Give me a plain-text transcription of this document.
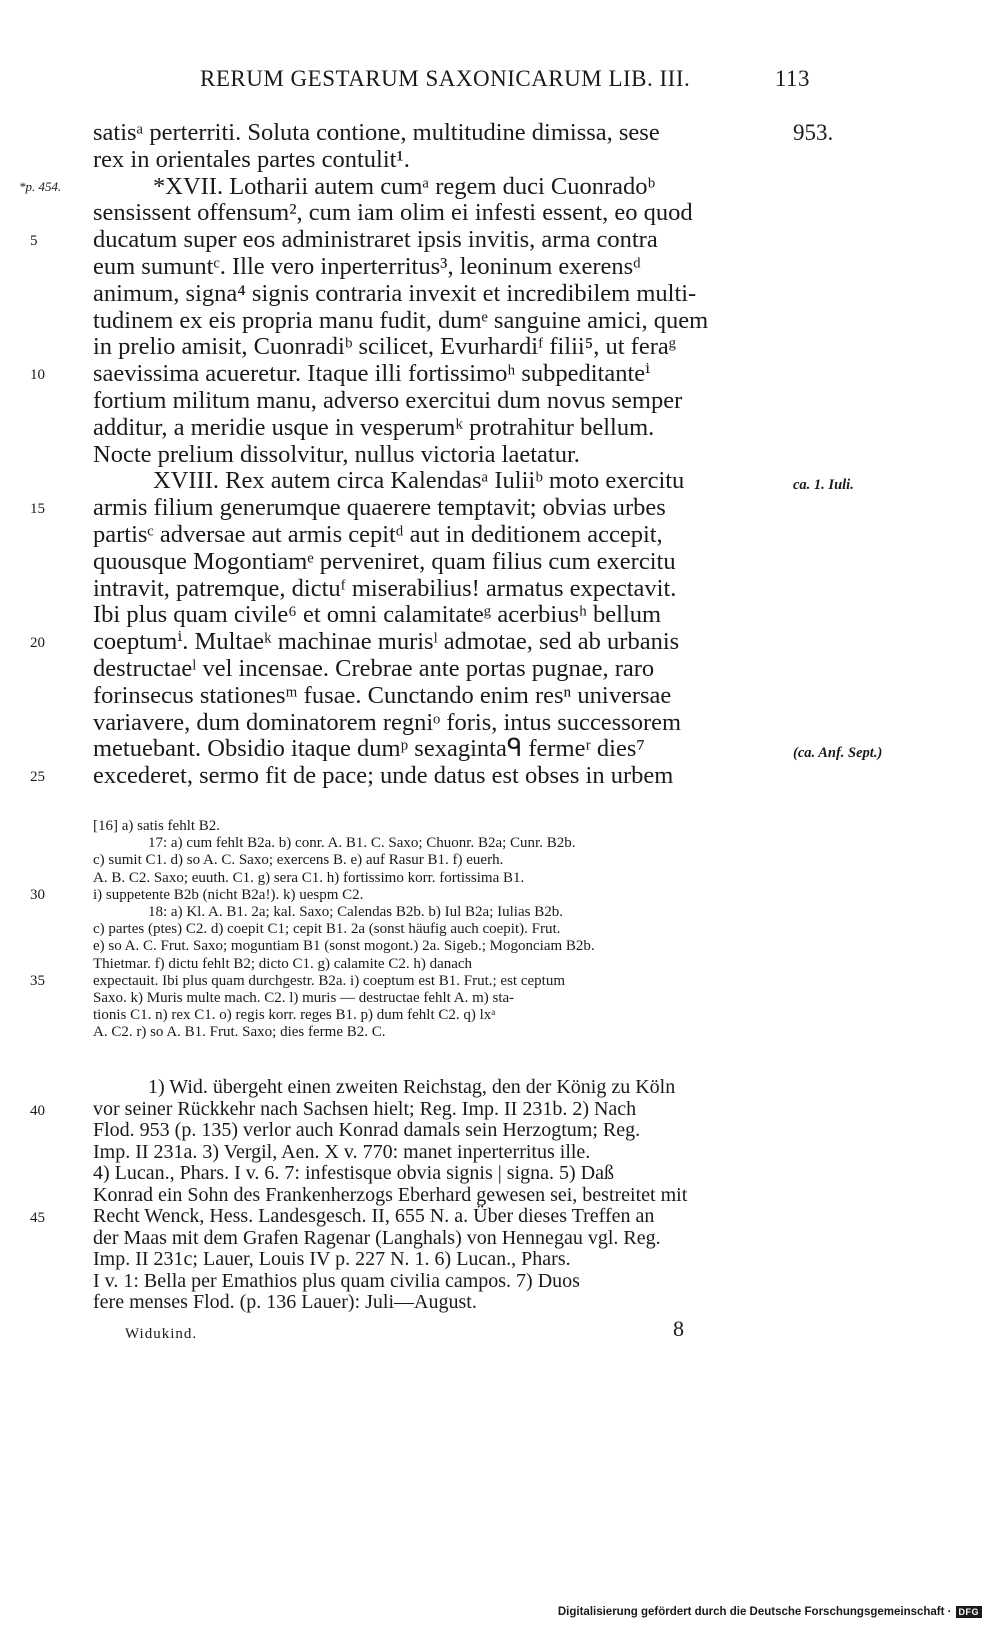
RERUM GESTARUM SAXONICARUM LIB. III.	113
satisᵃ perterriti. Soluta contione, multitudine dimissa, sese	953.
rex in orientales partes contulit¹.
*p. 454.	*XVII. Lotharii autem cumᵃ regem duci Cuonradoᵇ
sensissent offensum², cum iam olim ei infesti essent, eo quod
5 ducatum super eos administraret ipsis invitis, arma contra
eum sumuntᶜ. Ille vero inperterritus³, leoninum exerensᵈ
animum, signa⁴ signis contraria invexit et incredibilem multi-
tudinem ex eis propria manu fudit, dumᵉ sanguine amici, quem
in prelio amisit, Cuonradiᵇ scilicet, Evurhardiᶠ filii⁵, ut feraᵍ
10 saevissima acueretur. Itaque illi fortissimoʰ subpeditanteⁱ
fortium militum manu, adverso exercitui dum novus semper
additur, a meridie usque in vesperumᵏ protrahitur bellum.
Nocte prelium dissolvitur, nullus victoria laetatur.
XVIII. Rex autem circa Kalendasᵃ Iuliiᵇ moto exercitu	ca. 1. Iuli.
15 armis filium generumque quaerere temptavit; obvias urbes
partisᶜ adversae aut armis cepitᵈ aut in deditionem accepit,
quousque Mogontiamᵉ perveniret, quam filius cum exercitu
intravit, patremque, dictuᶠ miserabilius! armatus expectavit.
Ibi plus quam civile⁶ et omni calamitateᵍ acerbiusʰ bellum
20 coeptumⁱ. Multaeᵏ machinae murisˡ admotae, sed ab urbanis
destructaeˡ vel incensae. Crebrae ante portas pugnae, raro
forinsecus stationesᵐ fusae. Cunctando enim resⁿ universae
variavere, dum dominatorem regniᵒ foris, intus successorem
metuebant. Obsidio itaque dumᵖ sexagintaᑫ fermeʳ dies⁷	(ca. Anf. Sept.)
25 excederet, sermo fit de pace; unde datus est obses in urbem
[16] a) satis fehlt B2.
17: a) cum fehlt B2a. b) conr. A. B1. C. Saxo; Chuonr. B2a; Cunr. B2b.
c) sumit C1. d) so A. C. Saxo; exercens B. e) auf Rasur B1. f) euerh.
A. B. C2. Saxo; euuth. C1. g) sera C1. h) fortissimo korr. fortissima B1.
30	i) suppetente B2b (nicht B2a!). k) uespm C2.
18: a) Kl. A. B1. 2a; kal. Saxo; Calendas B2b. b) Iul B2a; Iulias B2b.
c) partes (ptes) C2. d) coepit C1; cepit B1. 2a (sonst häufig auch coepit). Frut.
e) so A. C. Frut. Saxo; moguntiam B1 (sonst mogont.) 2a. Sigeb.; Mogonciam B2b.
Thietmar. f) dictu fehlt B2; dicto C1. g) calamite C2. h) danach
35	expectauit. Ibi plus quam durchgestr. B2a. i) coeptum est B1. Frut.; est ceptum
Saxo. k) Muris multe mach. C2. l) muris — destructae fehlt A. m) sta-
tionis C1. n) rex C1. o) regis korr. reges B1. p) dum fehlt C2. q) lxᵃ
A. C2. r) so A. B1. Frut. Saxo; dies ferme B2. C.
1) Wid. übergeht einen zweiten Reichstag, den der König zu Köln
40 vor seiner Rückkehr nach Sachsen hielt; Reg. Imp. II 231b. 2) Nach
Flod. 953 (p. 135) verlor auch Konrad damals sein Herzogtum; Reg.
Imp. II 231a. 3) Vergil, Aen. X v. 770: manet inperterritus ille.
4) Lucan., Phars. I v. 6. 7: infestisque obvia signis | signa. 5) Daß
Konrad ein Sohn des Frankenherzogs Eberhard gewesen sei, bestreitet mit
45 Recht Wenck, Hess. Landesgesch. II, 655 N. a. Über dieses Treffen an
der Maas mit dem Grafen Ragenar (Langhals) von Hennegau vgl. Reg.
Imp. II 231c; Lauer, Louis IV p. 227 N. 1. 6) Lucan., Phars.
I v. 1: Bella per Emathios plus quam civilia campos. 7) Duos
fere menses Flod. (p. 136 Lauer): Juli—August.
Widukind.	8
Digitalisierung gefördert durch die Deutsche Forschungsgemeinschaft · DFG
